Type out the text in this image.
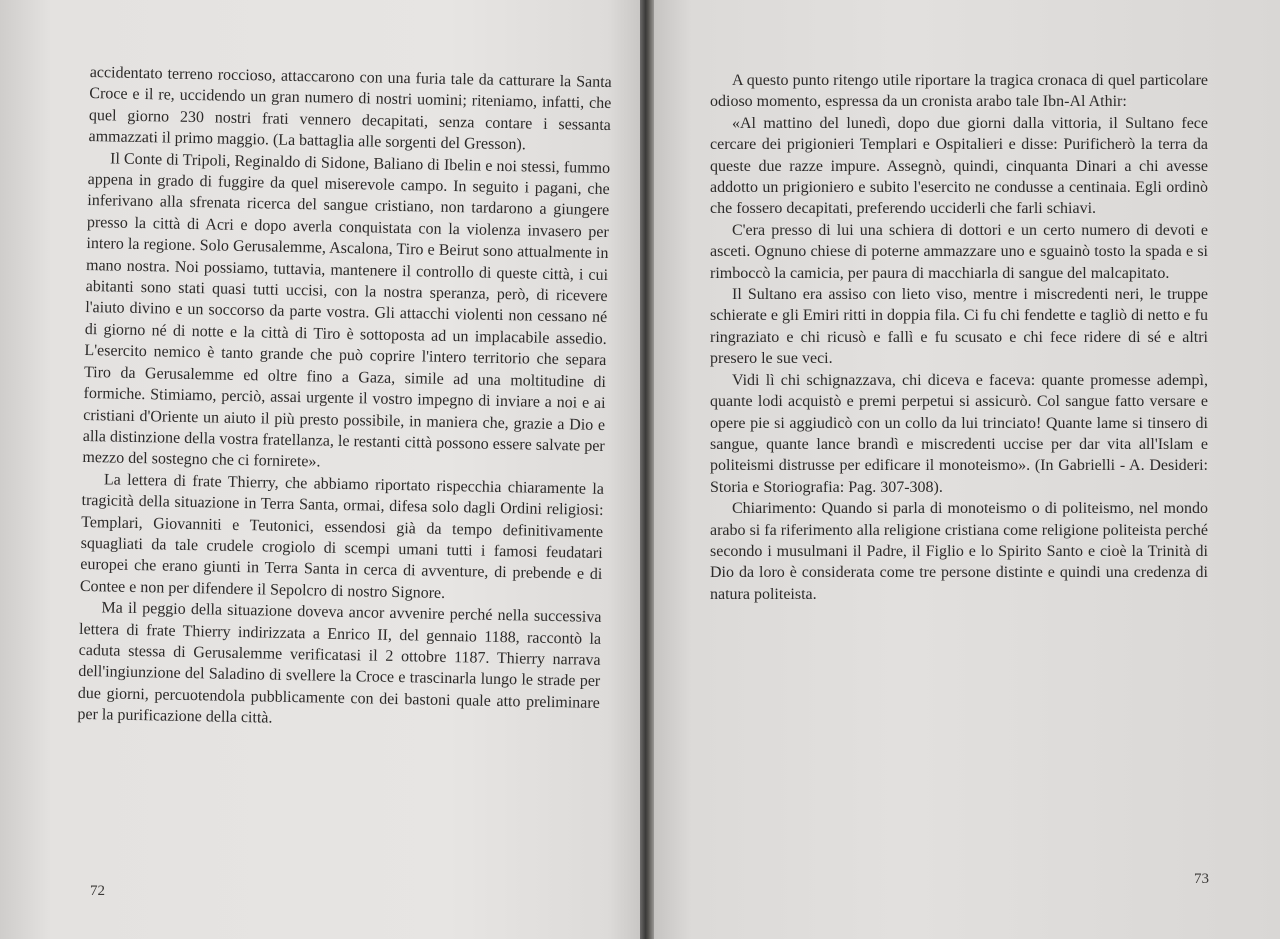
accidentato terreno roccioso, attaccarono con una furia tale da catturare la Santa Croce e il re, uccidendo un gran numero di nostri uomini; riteniamo, infatti, che quel giorno 230 nostri frati vennero decapitati, senza contare i sessanta ammazzati il primo maggio. (La battaglia alle sorgenti del Gresson).

Il Conte di Tripoli, Reginaldo di Sidone, Baliano di Ibelin e noi stessi, fummo appena in grado di fuggire da quel miserevole campo. In seguito i pagani, che inferivano alla sfrenata ricerca del sangue cristiano, non tardarono a giungere presso la città di Acri e dopo averla conquistata con la violenza invasero per intero la regione. Solo Gerusalemme, Ascalona, Tiro e Beirut sono attualmente in mano nostra. Noi possiamo, tuttavia, mantenere il controllo di queste città, i cui abitanti sono stati quasi tutti uccisi, con la nostra speranza, però, di ricevere l'aiuto divino e un soccorso da parte vostra. Gli attacchi violenti non cessano né di giorno né di notte e la città di Tiro è sottoposta ad un implacabile assedio. L'esercito nemico è tanto grande che può coprire l'intero territorio che separa Tiro da Gerusalemme ed oltre fino a Gaza, simile ad una moltitudine di formiche. Stimiamo, perciò, assai urgente il vostro impegno di inviare a noi e ai cristiani d'Oriente un aiuto il più presto possibile, in maniera che, grazie a Dio e alla distinzione della vostra fratellanza, le restanti città possono essere salvate per mezzo del sostegno che ci fornirete».

La lettera di frate Thierry, che abbiamo riportato rispecchia chiaramente la tragicità della situazione in Terra Santa, ormai, difesa solo dagli Ordini religiosi: Templari, Giovanniti e Teutonici, essendosi già da tempo definitivamente squagliati da tale crudele crogiolo di scempi umani tutti i famosi feudatari europei che erano giunti in Terra Santa in cerca di avventure, di prebende e di Contee e non per difendere il Sepolcro di nostro Signore.

Ma il peggio della situazione doveva ancor avvenire perché nella successiva lettera di frate Thierry indirizzata a Enrico II, del gennaio 1188, raccontò la caduta stessa di Gerusalemme verificatasi il 2 ottobre 1187. Thierry narrava dell'ingiunzione del Saladino di svellere la Croce e trascinarla lungo le strade per due giorni, percuotendola pubblicamente con dei bastoni quale atto preliminare per la purificazione della città.

72

A questo punto ritengo utile riportare la tragica cronaca di quel particolare odioso momento, espressa da un cronista arabo tale Ibn-Al Athir:

«Al mattino del lunedì, dopo due giorni dalla vittoria, il Sultano fece cercare dei prigionieri Templari e Ospitalieri e disse: Purificherò la terra da queste due razze impure. Assegnò, quindi, cinquanta Dinari a chi avesse addotto un prigioniero e subito l'esercito ne condusse a centinaia. Egli ordinò che fossero decapitati, preferendo ucciderli che farli schiavi.

C'era presso di lui una schiera di dottori e un certo numero di devoti e asceti. Ognuno chiese di poterne ammazzare uno e sguainò tosto la spada e si rimboccò la camicia, per paura di macchiarla di sangue del malcapitato.

Il Sultano era assiso con lieto viso, mentre i miscredenti neri, le truppe schierate e gli Emiri ritti in doppia fila. Ci fu chi fendette e tagliò di netto e fu ringraziato e chi ricusò e fallì e fu scusato e chi fece ridere di sé e altri presero le sue veci.

Vidi lì chi schignazzava, chi diceva e faceva: quante promesse adempì, quante lodi acquistò e premi perpetui si assicurò. Col sangue fatto versare e opere pie si aggiudicò con un collo da lui trinciato! Quante lame si tinsero di sangue, quante lance brandì e miscredenti uccise per dar vita all'Islam e politeismi distrusse per edificare il monoteismo». (In Gabrielli - A. Desideri: Storia e Storiografia: Pag. 307-308).

Chiarimento: Quando si parla di monoteismo o di politeismo, nel mondo arabo si fa riferimento alla religione cristiana come religione politeista perché secondo i musulmani il Padre, il Figlio e lo Spirito Santo e cioè la Trinità di Dio da loro è considerata come tre persone distinte e quindi una credenza di natura politeista.

73
